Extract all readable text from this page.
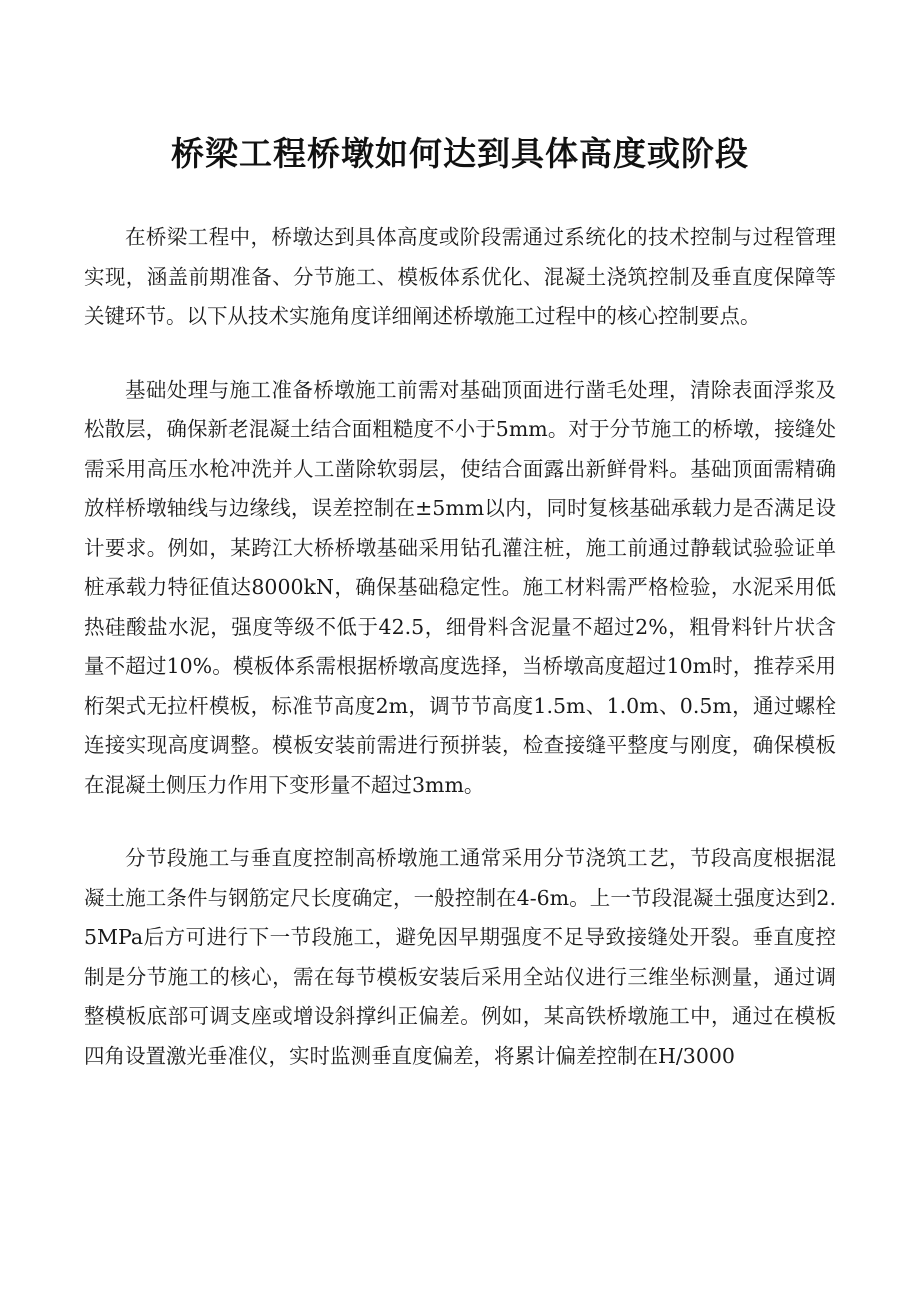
桥梁工程桥墩如何达到具体高度或阶段

在桥梁工程中，桥墩达到具体高度或阶段需通过系统化的技术控制与过程管理实现，涵盖前期准备、分节施工、模板体系优化、混凝土浇筑控制及垂直度保障等关键环节。以下从技术实施角度详细阐述桥墩施工过程中的核心控制要点。

基础处理与施工准备桥墩施工前需对基础顶面进行凿毛处理，清除表面浮浆及松散层，确保新老混凝土结合面粗糙度不小于5mm。对于分节施工的桥墩，接缝处需采用高压水枪冲洗并人工凿除软弱层，使结合面露出新鲜骨料。基础顶面需精确放样桥墩轴线与边缘线，误差控制在±5mm以内，同时复核基础承载力是否满足设计要求。例如，某跨江大桥桥墩基础采用钻孔灌注桩，施工前通过静载试验验证单桩承载力特征值达8000kN，确保基础稳定性。施工材料需严格检验，水泥采用低热硅酸盐水泥，强度等级不低于42.5，细骨料含泥量不超过2%，粗骨料针片状含量不超过10%。模板体系需根据桥墩高度选择，当桥墩高度超过10m时，推荐采用桁架式无拉杆模板，标准节高度2m，调节节高度1.5m、1.0m、0.5m，通过螺栓连接实现高度调整。模板安装前需进行预拼装，检查接缝平整度与刚度，确保模板在混凝土侧压力作用下变形量不超过3mm。

分节段施工与垂直度控制高桥墩施工通常采用分节浇筑工艺，节段高度根据混凝土施工条件与钢筋定尺长度确定，一般控制在4-6m。上一节段混凝土强度达到2.5MPa后方可进行下一节段施工，避免因早期强度不足导致接缝处开裂。垂直度控制是分节施工的核心，需在每节模板安装后采用全站仪进行三维坐标测量，通过调整模板底部可调支座或增设斜撑纠正偏差。例如，某高铁桥墩施工中，通过在模板四角设置激光垂准仪，实时监测垂直度偏差，将累计偏差控制在H/3000
